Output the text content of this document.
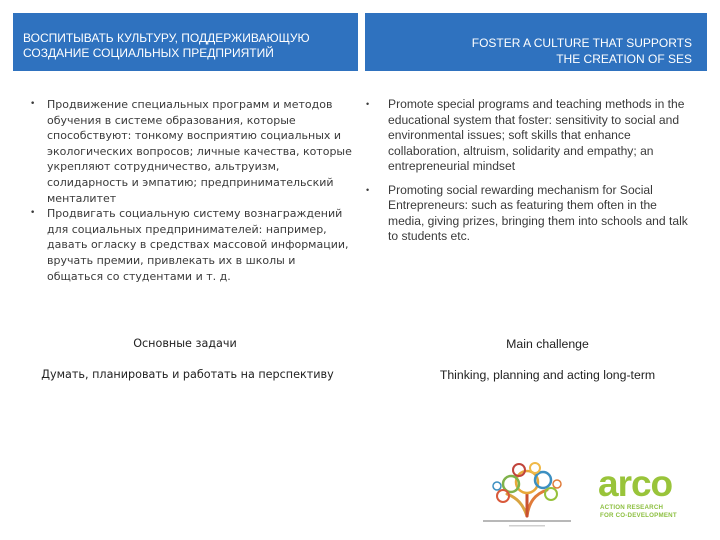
ВОСПИТЫВАТЬ КУЛЬТУРУ, ПОДДЕРЖИВАЮЩУЮ СОЗДАНИЕ СОЦИАЛЬНЫХ ПРЕДПРИЯТИЙ
FOSTER A CULTURE THAT SUPPORTS
THE CREATION OF SES
• Продвижение специальных программ и методов обучения в системе образования, которые способствуют: тонкому восприятию социальных и экологических вопросов; личные качества, которые укрепляют сотрудничество, альтруизм, солидарность и эмпатию; предпринимательский менталитет
• Продвигать социальную систему вознаграждений для социальных предпринимателей: например, давать огласку в средствах массовой информации, вручать премии, привлекать их в школы и общаться со студентами и т. д.
• Promote special programs and teaching methods in the educational system that foster: sensitivity to social and environmental issues; soft skills that enhance collaboration, altruism, solidarity and empathy; an entrepreneurial mindset
• Promoting social rewarding mechanism for Social Entrepreneurs: such as featuring them often in the media, giving prizes, bringing them into schools and talk to students etc.
Основные задачи
Думать, планировать и работать на перспективу
Main challenge
Thinking, planning and acting long-term
arco
ACTION RESEARCH
FOR CO-DEVELOPMENT
